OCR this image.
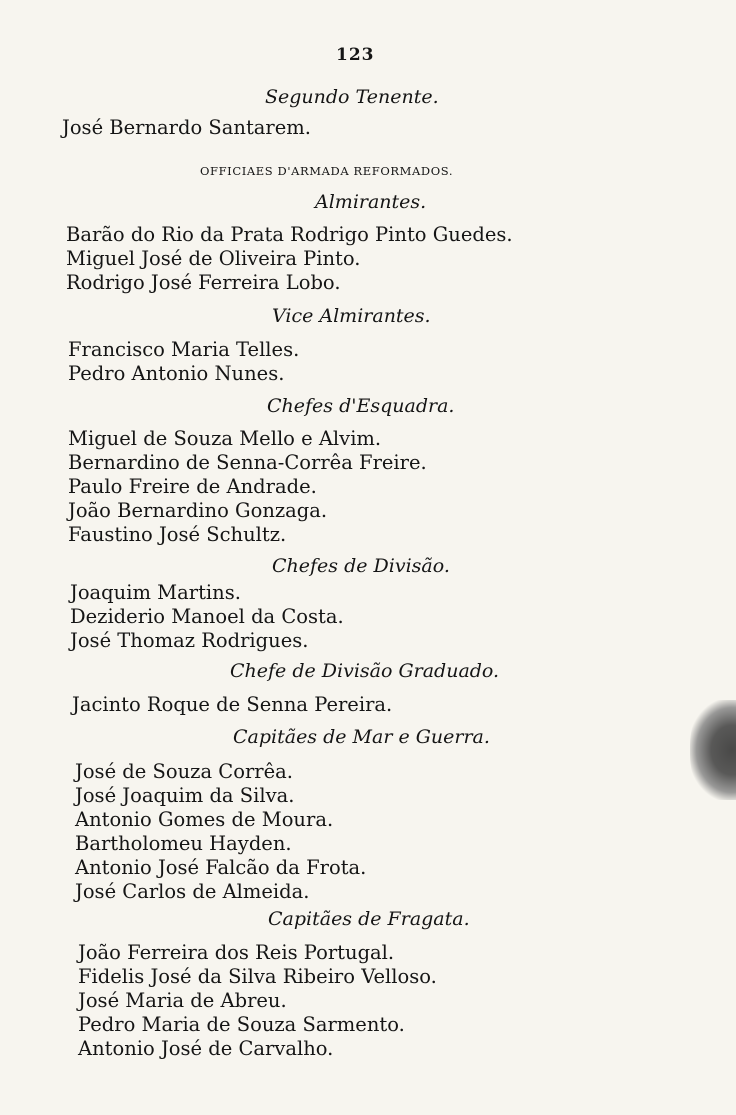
123
Segundo Tenente.
José Bernardo Santarem.
OFFICIAES D'ARMADA REFORMADOS.
Almirantes.
Barão do Rio da Prata Rodrigo Pinto Guedes.
Miguel José de Oliveira Pinto.
Rodrigo José Ferreira Lobo.
Vice Almirantes.
Francisco Maria Telles.
Pedro Antonio Nunes.
Chefes d'Esquadra.
Miguel de Souza Mello e Alvim.
Bernardino de Senna-Corrêa Freire.
Paulo Freire de Andrade.
João Bernardino Gonzaga.
Faustino José Schultz.
Chefes de Divisão.
Joaquim Martins.
Deziderio Manoel da Costa.
José Thomaz Rodrigues.
Chefe de Divisão Graduado.
Jacinto Roque de Senna Pereira.
Capitães de Mar e Guerra.
José de Souza Corrêa.
José Joaquim da Silva.
Antonio Gomes de Moura.
Bartholomeu Hayden.
Antonio José Falcão da Frota.
José Carlos de Almeida.
Capitães de Fragata.
João Ferreira dos Reis Portugal.
Fidelis José da Silva Ribeiro Velloso.
José Maria de Abreu.
Pedro Maria de Souza Sarmento.
Antonio José de Carvalho.
